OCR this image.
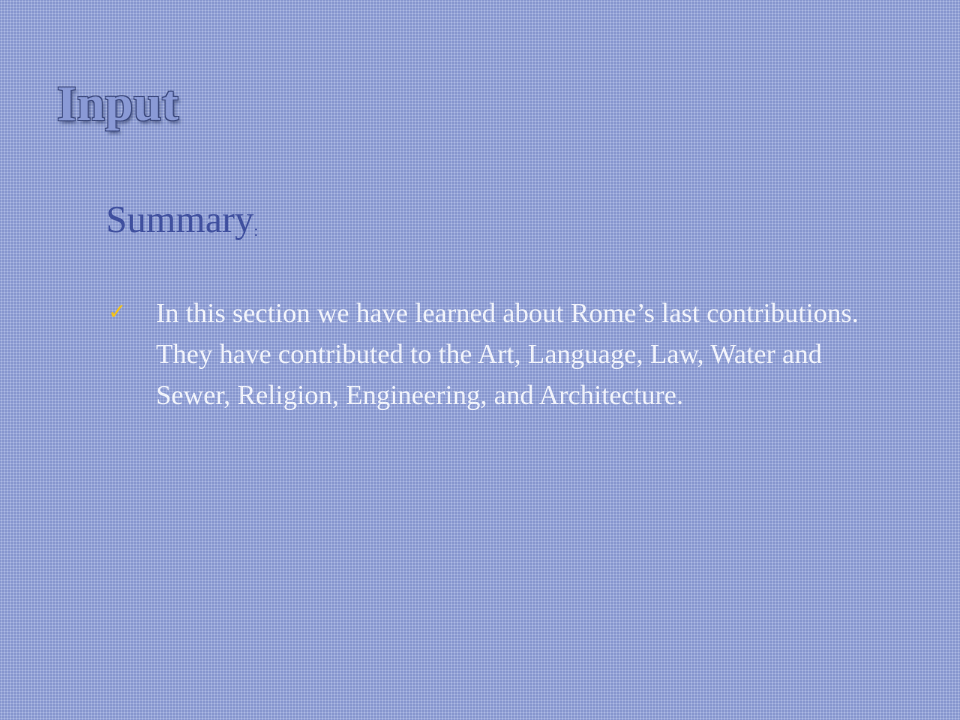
Input
Summary:
✓ In this section we have learned about Rome’s last contributions. They have contributed to the Art, Language, Law, Water and Sewer, Religion, Engineering, and Architecture.
